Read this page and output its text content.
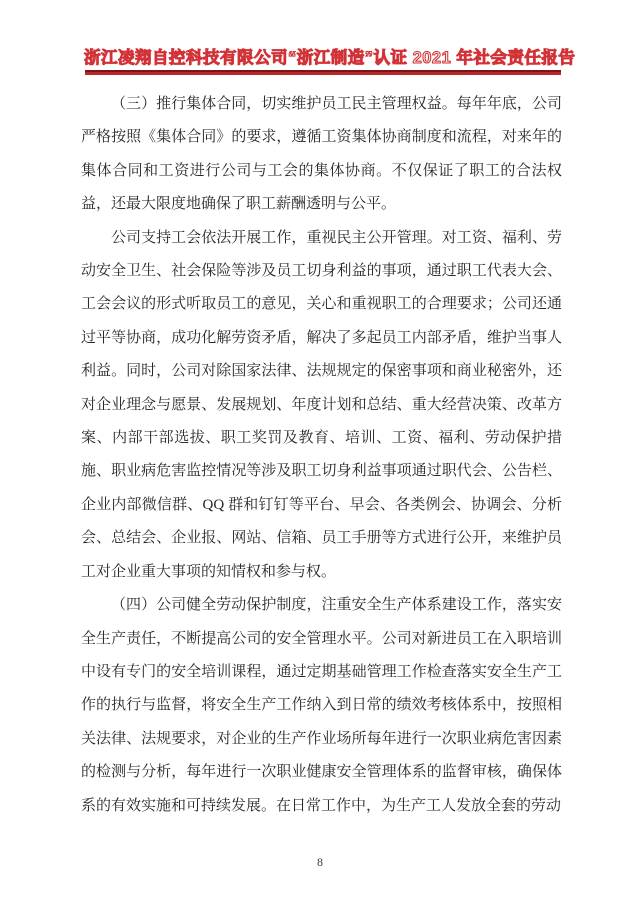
浙江凌翔自控科技有限公司 “浙江制造”认证 2021 年社会责任报告

（三）推行集体合同，切实维护员工民主管理权益。每年年底，公司严格按照《集体合同》的要求，遵循工资集体协商制度和流程，对来年的集体合同和工资进行公司与工会的集体协商。不仅保证了职工的合法权益，还最大限度地确保了职工薪酬透明与公平。

公司支持工会依法开展工作，重视民主公开管理。对工资、福利、劳动安全卫生、社会保险等涉及员工切身利益的事项，通过职工代表大会、工会会议的形式听取员工的意见，关心和重视职工的合理要求；公司还通过平等协商，成功化解劳资矛盾，解决了多起员工内部矛盾，维护当事人利益。同时，公司对除国家法律、法规规定的保密事项和商业秘密外，还对企业理念与愿景、发展规划、年度计划和总结、重大经营决策、改革方案、内部干部选拔、职工奖罚及教育、培训、工资、福利、劳动保护措施、职业病危害监控情况等涉及职工切身利益事项通过职代会、公告栏、企业内部微信群、QQ 群和钉钉等平台、早会、各类例会、协调会、分析会、总结会、企业报、网站、信箱、员工手册等方式进行公开，来维护员工对企业重大事项的知情权和参与权。

（四）公司健全劳动保护制度，注重安全生产体系建设工作，落实安全生产责任，不断提高公司的安全管理水平。公司对新进员工在入职培训中设有专门的安全培训课程，通过定期基础管理工作检查落实安全生产工作的执行与监督，将安全生产工作纳入到日常的绩效考核体系中，按照相关法律、法规要求，对企业的生产作业场所每年进行一次职业病危害因素的检测与分析，每年进行一次职业健康安全管理体系的监督审核，确保体系的有效实施和可持续发展。在日常工作中，为生产工人发放全套的劳动

8
